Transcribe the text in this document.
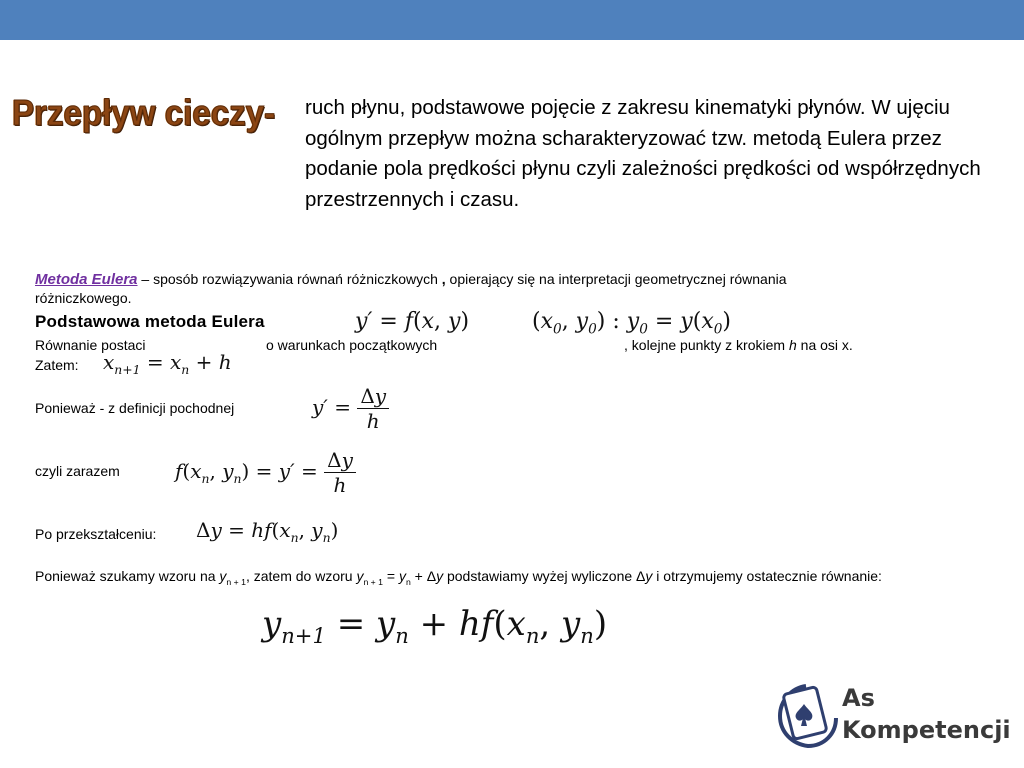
Przepływ cieczy- ruch płynu, podstawowe pojęcie z zakresu kinematyki płynów. W ujęciu ogólnym przepływ można scharakteryzować tzw. metodą Eulera przez podanie pola prędkości płynu czyli zależności prędkości od współrzędnych przestrzennych i czasu.
Metoda Eulera – sposób rozwiązywania równań różniczkowych , opierający się na interpretacji geometrycznej równania
różniczkowego.
Podstawowa metoda Eulera	y′ = f(x, y)	($x_0$, $y_0$) : $y_0 = y(x_0)$
Równanie postaci	o warunkach początkowych	, kolejne punkty z krokiem h na osi x.
Zatem: $x_{n+1} = x_n + h$
Ponieważ - z definicji pochodnej	$y' = \frac{\Delta y}{h}$
czyli zarazem	$f(x_n$, $y_n) = y' = \frac{\Delta y}{h}$
Po przekształceniu: $\Delta y = hf(x_n$, $y_n$)
Ponieważ szukamy wzoru na $y_{n + 1}$, zatem do wzoru $y_{n + 1} = y_n + \Delta y$ podstawiamy wyżej wyliczone Δy i otrzymujemy ostatecznie równanie:
$y_{n+1} = y_n + hf(x_n$, $y_n$)
As
Kompetencji
